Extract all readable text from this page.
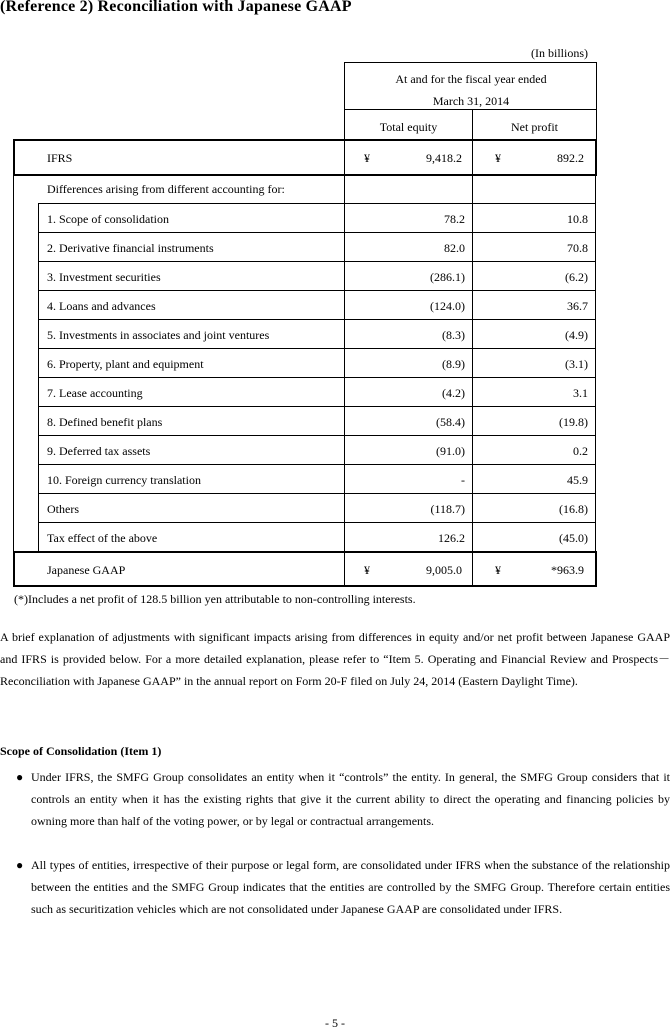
(Reference 2) Reconciliation with Japanese GAAP
(In billions)
At and for the fiscal year ended
March 31, 2014
Total equity	Net profit
IFRS	¥	9,418.2	¥	892.2
Differences arising from different accounting for:
1. Scope of consolidation	78.2	10.8
2. Derivative financial instruments	82.0	70.8
3. Investment securities	(286.1)	(6.2)
4. Loans and advances	(124.0)	36.7
5. Investments in associates and joint ventures	(8.3)	(4.9)
6. Property, plant and equipment	(8.9)	(3.1)
7. Lease accounting	(4.2)	3.1
8. Defined benefit plans	(58.4)	(19.8)
9. Deferred tax assets	(91.0)	0.2
10. Foreign currency translation	-	45.9
Others	(118.7)	(16.8)
Tax effect of the above	126.2	(45.0)
Japanese GAAP	¥	9,005.0	¥	*963.9
(*)Includes a net profit of 128.5 billion yen attributable to non-controlling interests.
A brief explanation of adjustments with significant impacts arising from differences in equity and/or net profit between Japanese GAAP and IFRS is provided below. For a more detailed explanation, please refer to “Item 5. Operating and Financial Review and Prospects－Reconciliation with Japanese GAAP” in the annual report on Form 20-F filed on July 24, 2014 (Eastern Daylight Time).
Scope of Consolidation (Item 1)
● Under IFRS, the SMFG Group consolidates an entity when it “controls” the entity. In general, the SMFG Group considers that it controls an entity when it has the existing rights that give it the current ability to direct the operating and financing policies by owning more than half of the voting power, or by legal or contractual arrangements.
● All types of entities, irrespective of their purpose or legal form, are consolidated under IFRS when the substance of the relationship between the entities and the SMFG Group indicates that the entities are controlled by the SMFG Group. Therefore certain entities such as securitization vehicles which are not consolidated under Japanese GAAP are consolidated under IFRS.
- 5 -
